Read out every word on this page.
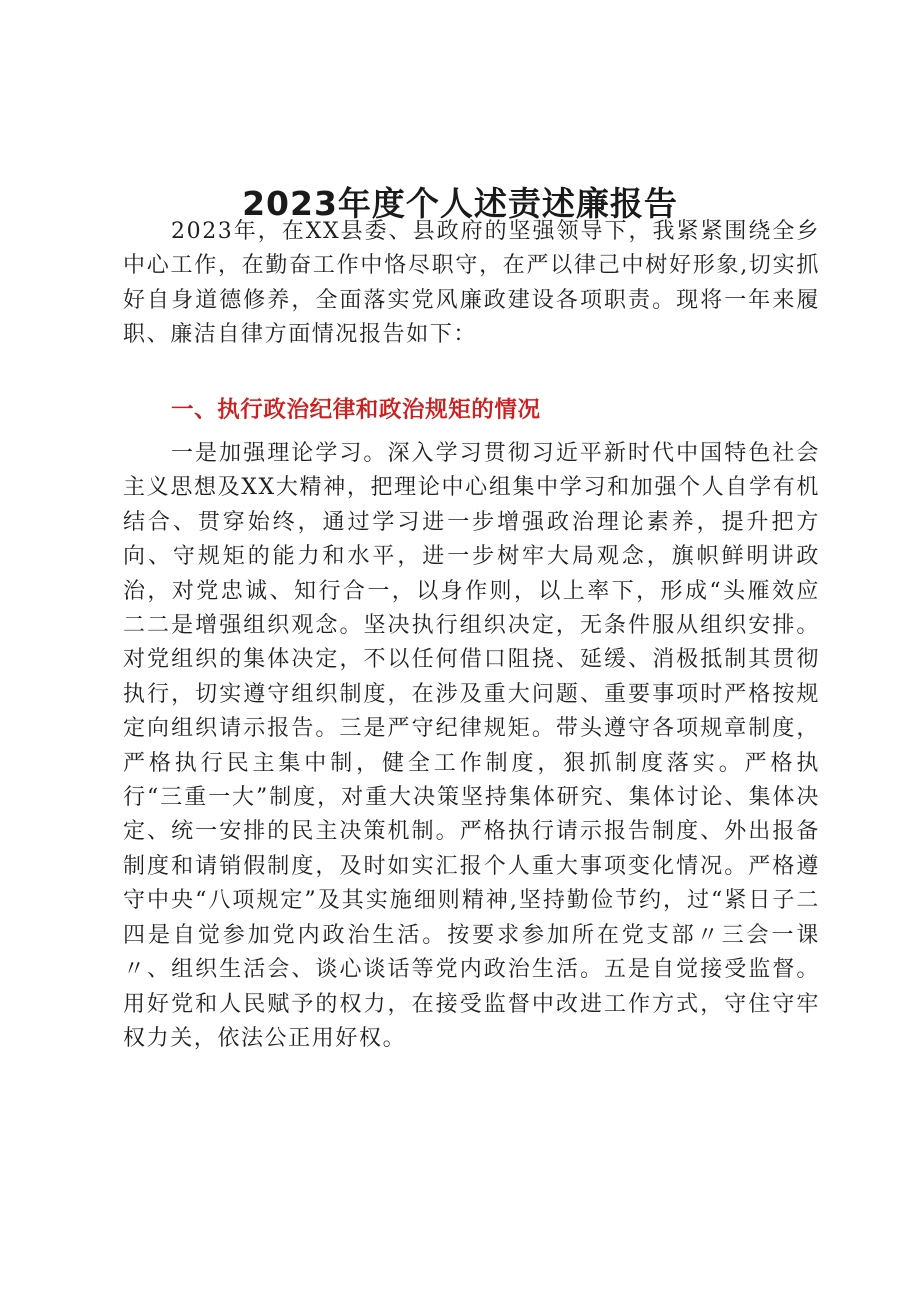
2023年度个人述责述廉报告

2023年，在XX县委、县政府的坚强领导下，我紧紧围绕全乡中心工作，在勤奋工作中恪尽职守，在严以律己中树好形象,切实抓好自身道德修养，全面落实党风廉政建设各项职责。现将一年来履职、廉洁自律方面情况报告如下：

一、执行政治纪律和政治规矩的情况

一是加强理论学习。深入学习贯彻习近平新时代中国特色社会主义思想及XX大精神，把理论中心组集中学习和加强个人自学有机结合、贯穿始终，通过学习进一步增强政治理论素养，提升把方向、守规矩的能力和水平，进一步树牢大局观念，旗帜鲜明讲政治，对党忠诚、知行合一，以身作则，以上率下，形成“头雁效应二二是增强组织观念。坚决执行组织决定，无条件服从组织安排。对党组织的集体决定，不以任何借口阻挠、延缓、消极抵制其贯彻执行，切实遵守组织制度，在涉及重大问题、重要事项时严格按规定向组织请示报告。三是严守纪律规矩。带头遵守各项规章制度，严格执行民主集中制，健全工作制度，狠抓制度落实。严格执行“三重一大”制度，对重大决策坚持集体研究、集体讨论、集体决定、统一安排的民主决策机制。严格执行请示报告制度、外出报备制度和请销假制度，及时如实汇报个人重大事项变化情况。严格遵守中央“八项规定”及其实施细则精神,坚持勤俭节约，过“紧日子二四是自觉参加党内政治生活。按要求参加所在党支部〃三会一课〃、组织生活会、谈心谈话等党内政治生活。五是自觉接受监督。用好党和人民赋予的权力，在接受监督中改进工作方式，守住守牢权力关，依法公正用好权。
